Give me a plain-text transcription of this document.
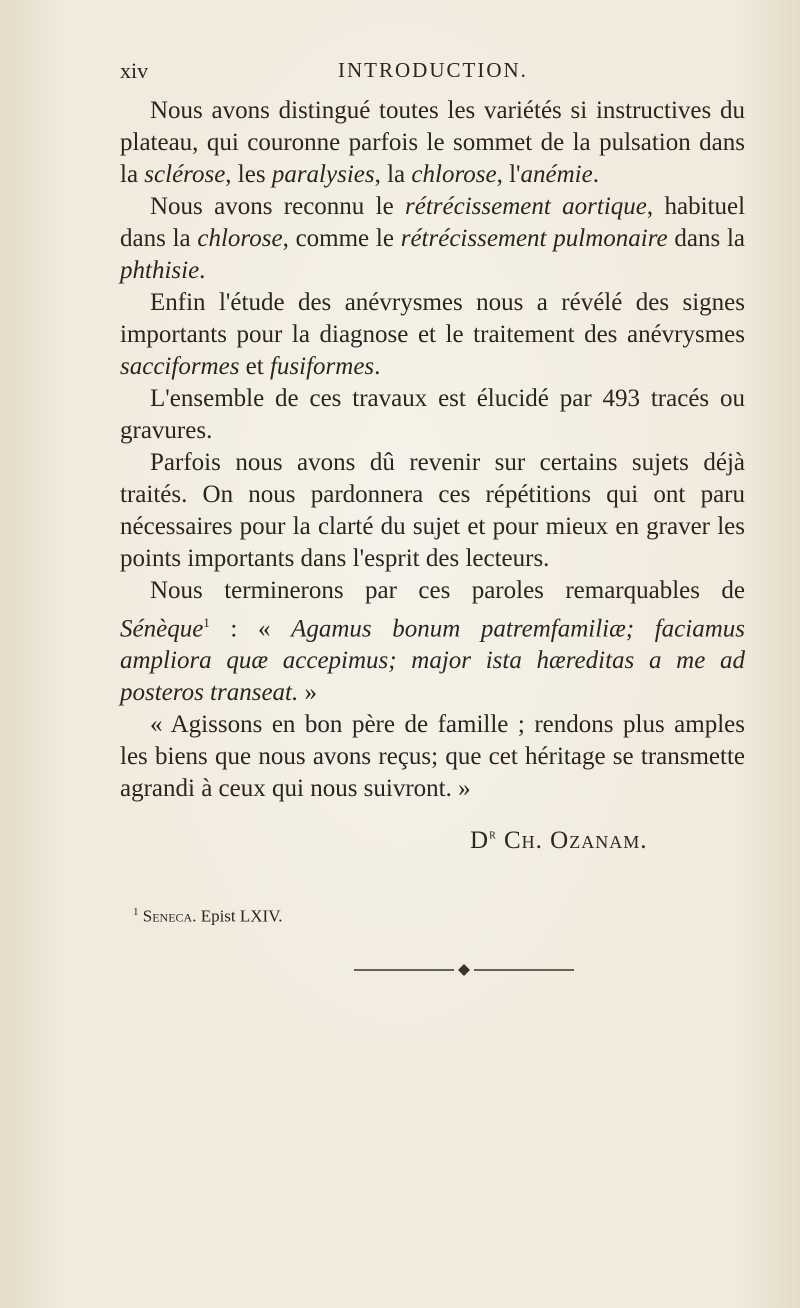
xiv	INTRODUCTION.

Nous avons distingué toutes les variétés si instructives du plateau, qui couronne parfois le sommet de la pulsation dans la sclérose, les paralysies, la chlorose, l'anémie.

Nous avons reconnu le rétrécissement aortique, habituel dans la chlorose, comme le rétrécissement pulmonaire dans la phthisie.

Enfin l'étude des anévrysmes nous a révélé des signes importants pour la diagnose et le traitement des anévrysmes sacciformes et fusiformes.

L'ensemble de ces travaux est élucidé par 493 tracés ou gravures.

Parfois nous avons dû revenir sur certains sujets déjà traités. On nous pardonnera ces répétitions qui ont paru nécessaires pour la clarté du sujet et pour mieux en graver les points importants dans l'esprit des lecteurs.

Nous terminerons par ces paroles remarquables de Sénèque$^1$ : « Agamus bonum patremfamiliæ; faciamus ampliora quæ accepimus; major ista hæreditas a me ad posteros transeat. »

« Agissons en bon père de famille ; rendons plus amples les biens que nous avons reçus; que cet héritage se transmette agrandi à ceux qui nous suivront. »

$D^r$ Ch. Ozanam.
$^1$ Seneca. Epist LXIV.
